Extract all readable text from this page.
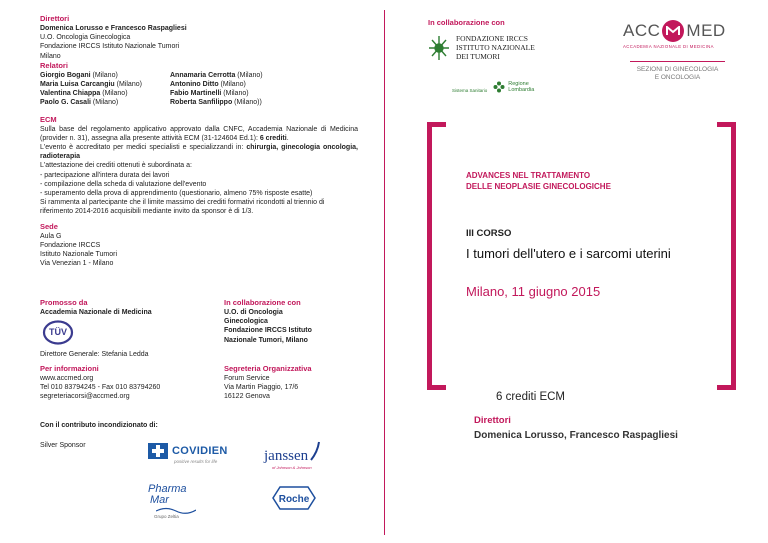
Direttori
Domenica Lorusso e Francesco Raspagliesi
U.O. Oncologia Ginecologica
Fondazione IRCCS Istituto Nazionale Tumori
Milano
Relatori
Giorgio Bogani (Milano)
Maria Luisa Carcangiu (Milano)
Valentina Chiappa (Milano)
Paolo G. Casali (Milano)
Annamaria Cerrotta (Milano)
Antonino Ditto (Milano)
Fabio Martinelli (Milano)
Roberta Sanfilippo (Milano))
ECM
Sulla base del regolamento applicativo approvato dalla CNFC, Accademia Nazionale di Medicina (provider n. 31), assegna alla presente attività ECM (31-124604 Ed.1): 6 crediti.
L'evento è accreditato per medici specialisti e specializzandi in: chirurgia, ginecologia oncologia, radioterapia
L'attestazione dei crediti ottenuti è subordinata a:
- partecipazione all'intera durata dei lavori
- compilazione della scheda di valutazione dell'evento
- superamento della prova di apprendimento (questionario, almeno 75% risposte esatte)
Si rammenta al partecipante che il limite massimo dei crediti formativi ricondotti al triennio di riferimento 2014-2016 acquisibili mediante invito da sponsor è di 1/3.
Sede
Aula G
Fondazione IRCCS
Istituto Nazionale Tumori
Via Venezian 1 - Milano
Promosso da
Accademia Nazionale di Medicina
TÜV
Direttore Generale: Stefania Ledda
In collaborazione con
U.O. di Oncologia
Ginecologica
Fondazione IRCCS Istituto
Nazionale Tumori, Milano
Per informazioni
www.accmed.org
Tel 010 83794245 - Fax 010 83794260
segreteriacorsi@accmed.org
Segreteria Organizzativa
Forum Service
Via Martin Piaggio, 17/6
16122 Genova
Con il contributo incondizionato di:
Silver Sponsor	COVIDIEN
positive results for life	janssen
of Johnson & Johnson
Pharma
Mar
Grupo Zeltia
Roche
In collaborazione con
FONDAZIONE IRCCS
ISTITUTO NAZIONALE
DEI TUMORI
Sistema Sanitario
Regione
Lombardia
ACC MED
ACCADEMIA NAZIONALE DI MEDICINA
SEZIONI DI GINECOLOGIA
E ONCOLOGIA
ADVANCES NEL TRATTAMENTO
DELLE NEOPLASIE GINECOLOGICHE
III CORSO
I tumori dell'utero e i sarcomi uterini
Milano, 11 giugno 2015
6 crediti ECM
Direttori
Domenica Lorusso, Francesco Raspagliesi
